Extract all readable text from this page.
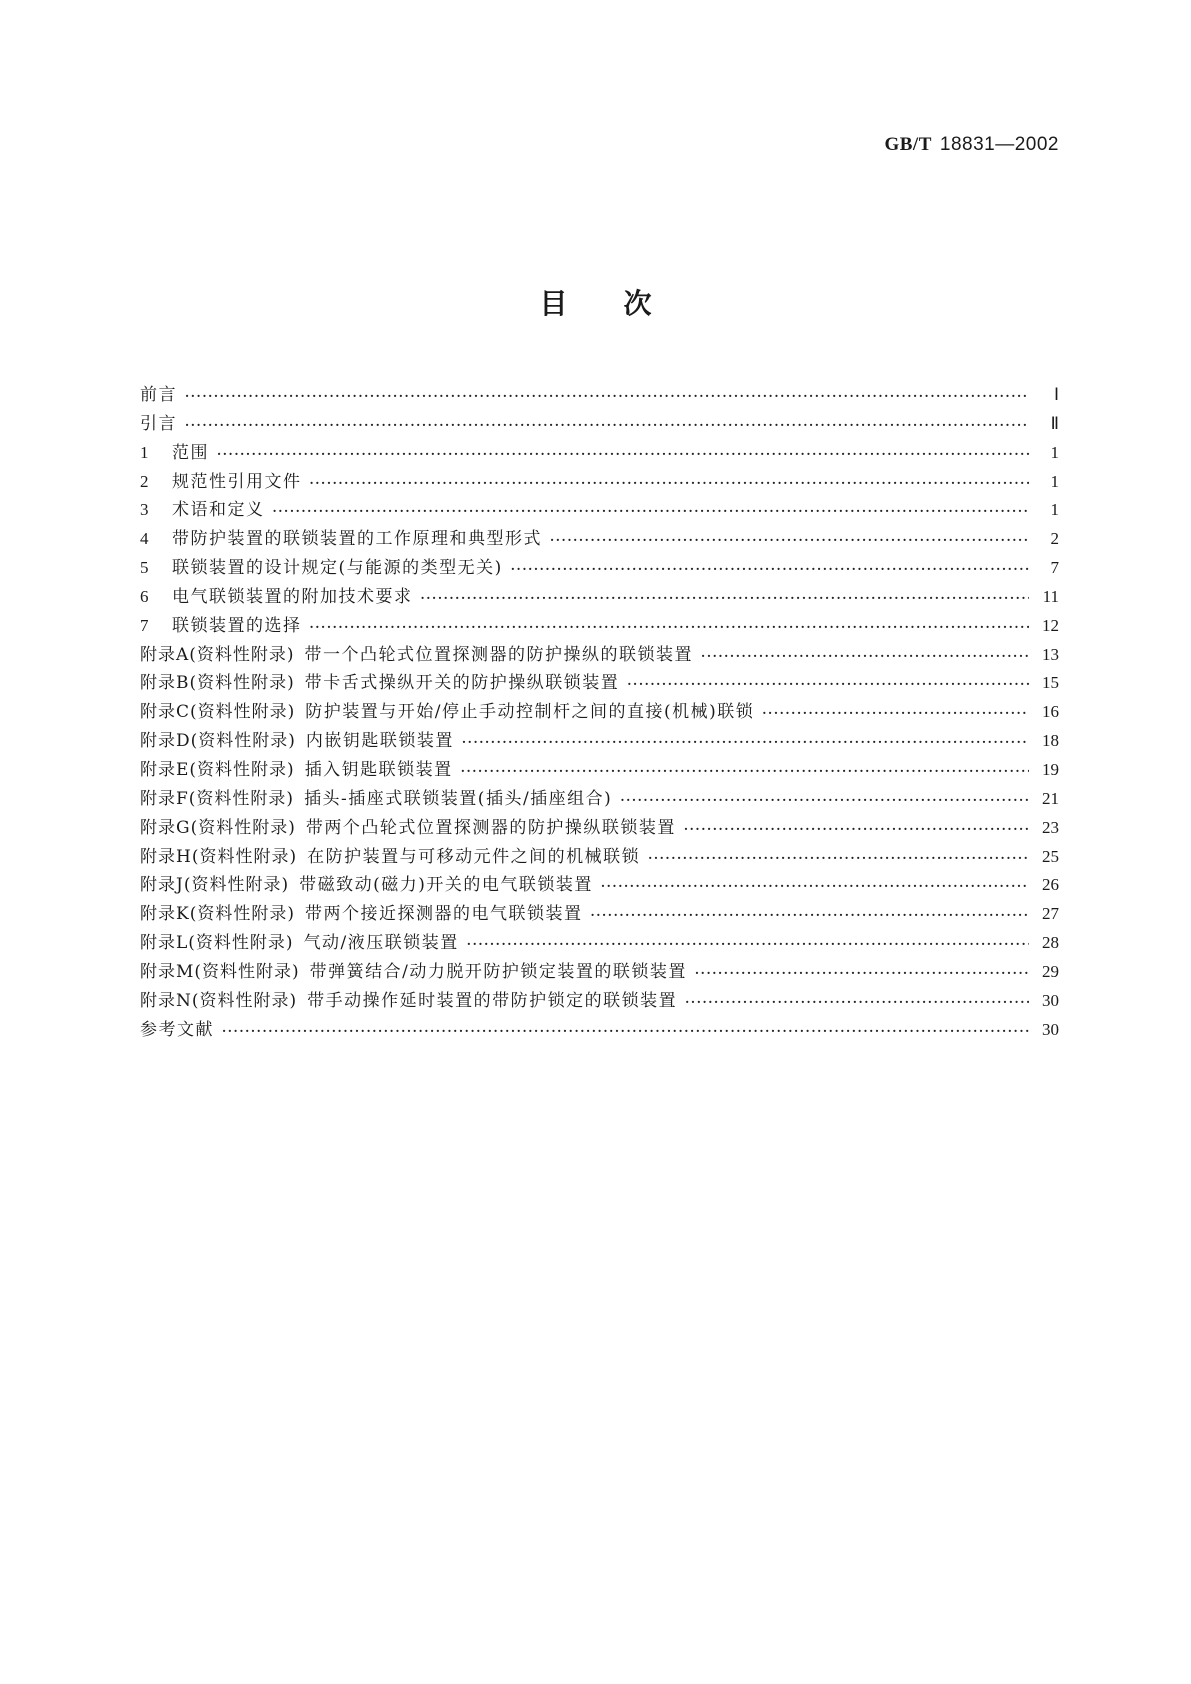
GB/T 18831—2002
目 次
前言 ·····	Ⅰ
引言 ·····	Ⅱ
1	范围 ·····	1
2	规范性引用文件 ·····	1
3	术语和定义 ·····	1
4	带防护装置的联锁装置的工作原理和典型形式 ·····	2
5	联锁装置的设计规定(与能源的类型无关) ·····	7
6	电气联锁装置的附加技术要求 ·····	11
7	联锁装置的选择 ·····	12
附录A(资料性附录) 带一个凸轮式位置探测器的防护操纵的联锁装置 ·····	13
附录B(资料性附录) 带卡舌式操纵开关的防护操纵联锁装置 ·····	15
附录C(资料性附录) 防护装置与开始/停止手动控制杆之间的直接(机械)联锁 ·····	16
附录D(资料性附录) 内嵌钥匙联锁装置 ·····	18
附录E(资料性附录) 插入钥匙联锁装置 ·····	19
附录F(资料性附录) 插头-插座式联锁装置(插头/插座组合) ·····	21
附录G(资料性附录) 带两个凸轮式位置探测器的防护操纵联锁装置 ·····	23
附录H(资料性附录) 在防护装置与可移动元件之间的机械联锁 ·····	25
附录J(资料性附录) 带磁致动(磁力)开关的电气联锁装置 ·····	26
附录K(资料性附录) 带两个接近探测器的电气联锁装置 ·····	27
附录L(资料性附录) 气动/液压联锁装置 ·····	28
附录M(资料性附录) 带弹簧结合/动力脱开防护锁定装置的联锁装置 ·····	29
附录N(资料性附录) 带手动操作延时装置的带防护锁定的联锁装置 ·····	30
参考文献 ·····	30
